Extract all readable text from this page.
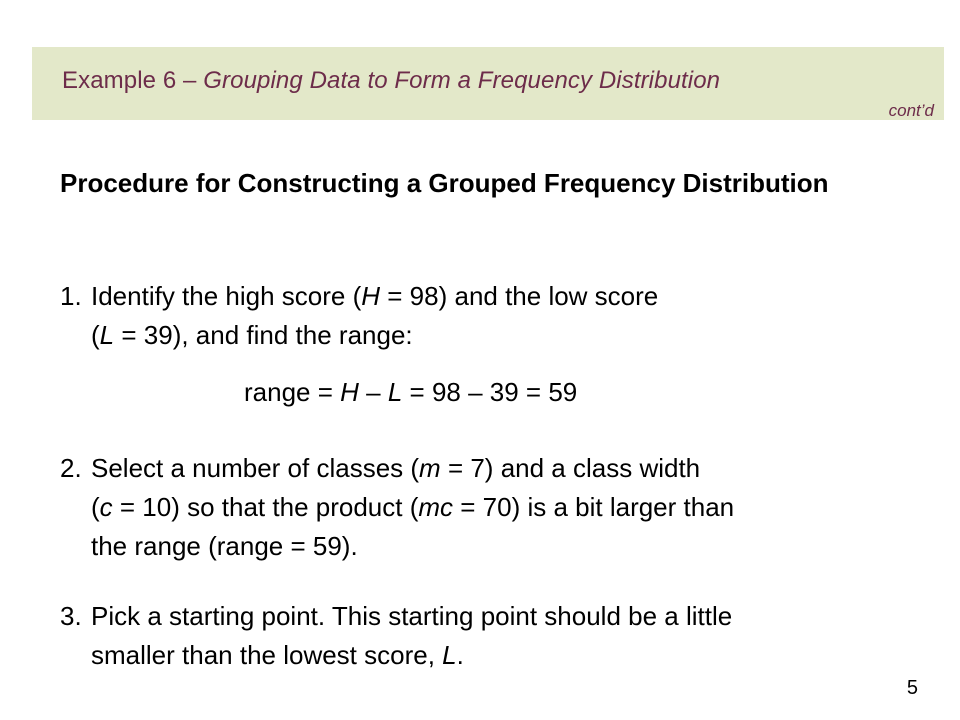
Example 6 – Grouping Data to Form a Frequency Distribution
cont’d

Procedure for Constructing a Grouped Frequency Distribution

1. Identify the high score (H = 98) and the low score
(L = 39), and find the range:
range = H – L = 98 – 39 = 59
2. Select a number of classes (m = 7) and a class width
(c = 10) so that the product (mc = 70) is a bit larger than
the range (range = 59).
3. Pick a starting point. This starting point should be a little
smaller than the lowest score, L.
5
